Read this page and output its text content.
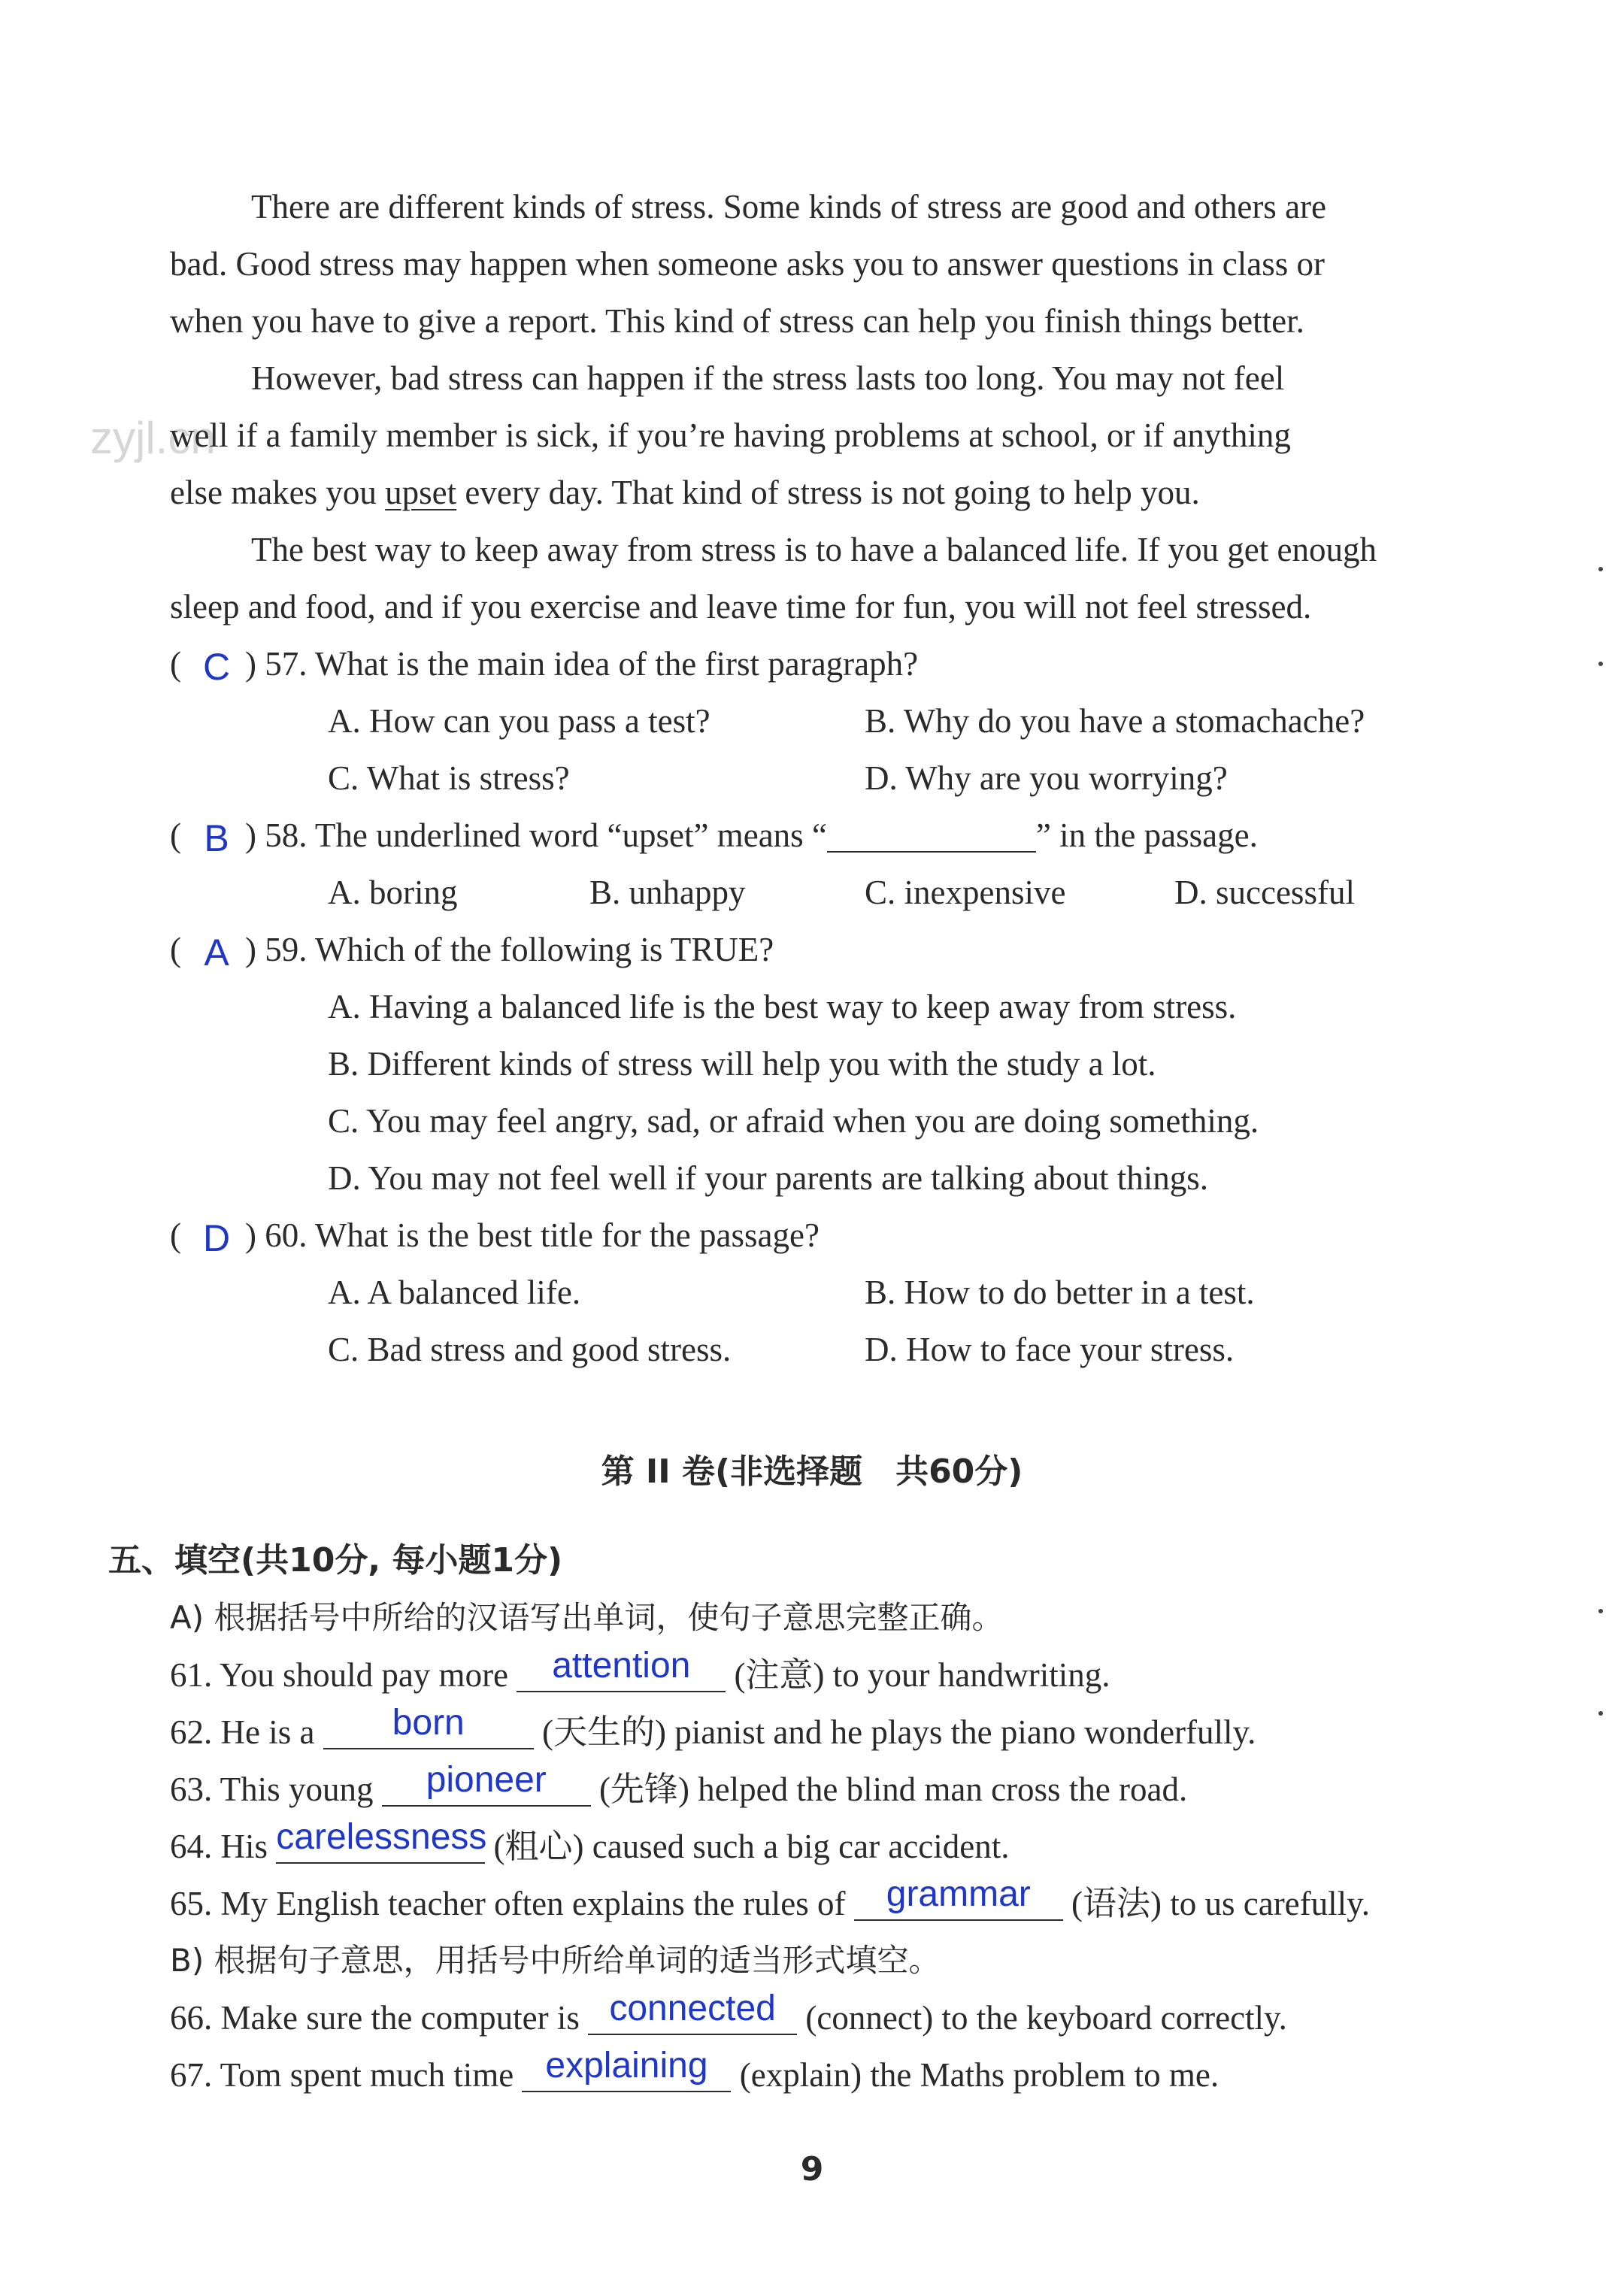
zyjl.cn
There are different kinds of stress. Some kinds of stress are good and others are
bad. Good stress may happen when someone asks you to answer questions in class or
when you have to give a report. This kind of stress can help you finish things better.
However, bad stress can happen if the stress lasts too long. You may not feel
well if a family member is sick, if you’re having problems at school, or if anything
else makes you upset every day. That kind of stress is not going to help you.
The best way to keep away from stress is to have a balanced life. If you get enough
sleep and food, and if you exercise and leave time for fun, you will not feel stressed.
( C ) 57. What is the main idea of the first paragraph?
A. How can you pass a test?	B. Why do you have a stomachache?
C. What is stress?	D. Why are you worrying?
( B ) 58. The underlined word “upset” means “	” in the passage.
A. boring	B. unhappy	C. inexpensive	D. successful
( A ) 59. Which of the following is TRUE?
A. Having a balanced life is the best way to keep away from stress.
B. Different kinds of stress will help you with the study a lot.
C. You may feel angry, sad, or afraid when you are doing something.
D. You may not feel well if your parents are talking about things.
( D ) 60. What is the best title for the passage?
A. A balanced life.	B. How to do better in a test.
C. Bad stress and good stress.	D. How to face your stress.
第 II 卷(非选择题　共60分)
五、填空(共10分, 每小题1分)
A) 根据括号中所给的汉语写出单词，使句子意思完整正确。
61. You should pay more attention	(注意) to your handwriting.
62. He is a	born	(天生的) pianist and he plays the piano wonderfully.
63. This young	pioneer	(先锋) helped the blind man cross the road.
64. His carelessness
(粗心) caused such a big car accident.
65. My English teacher often explains the rules of grammar (语法) to us carefully.
B) 根据句子意思，用括号中所给单词的适当形式填空。
66. Make sure the computer is connected (connect) to the keyboard correctly.
67. Tom spent much time explaining (explain) the Maths problem to me.
9
